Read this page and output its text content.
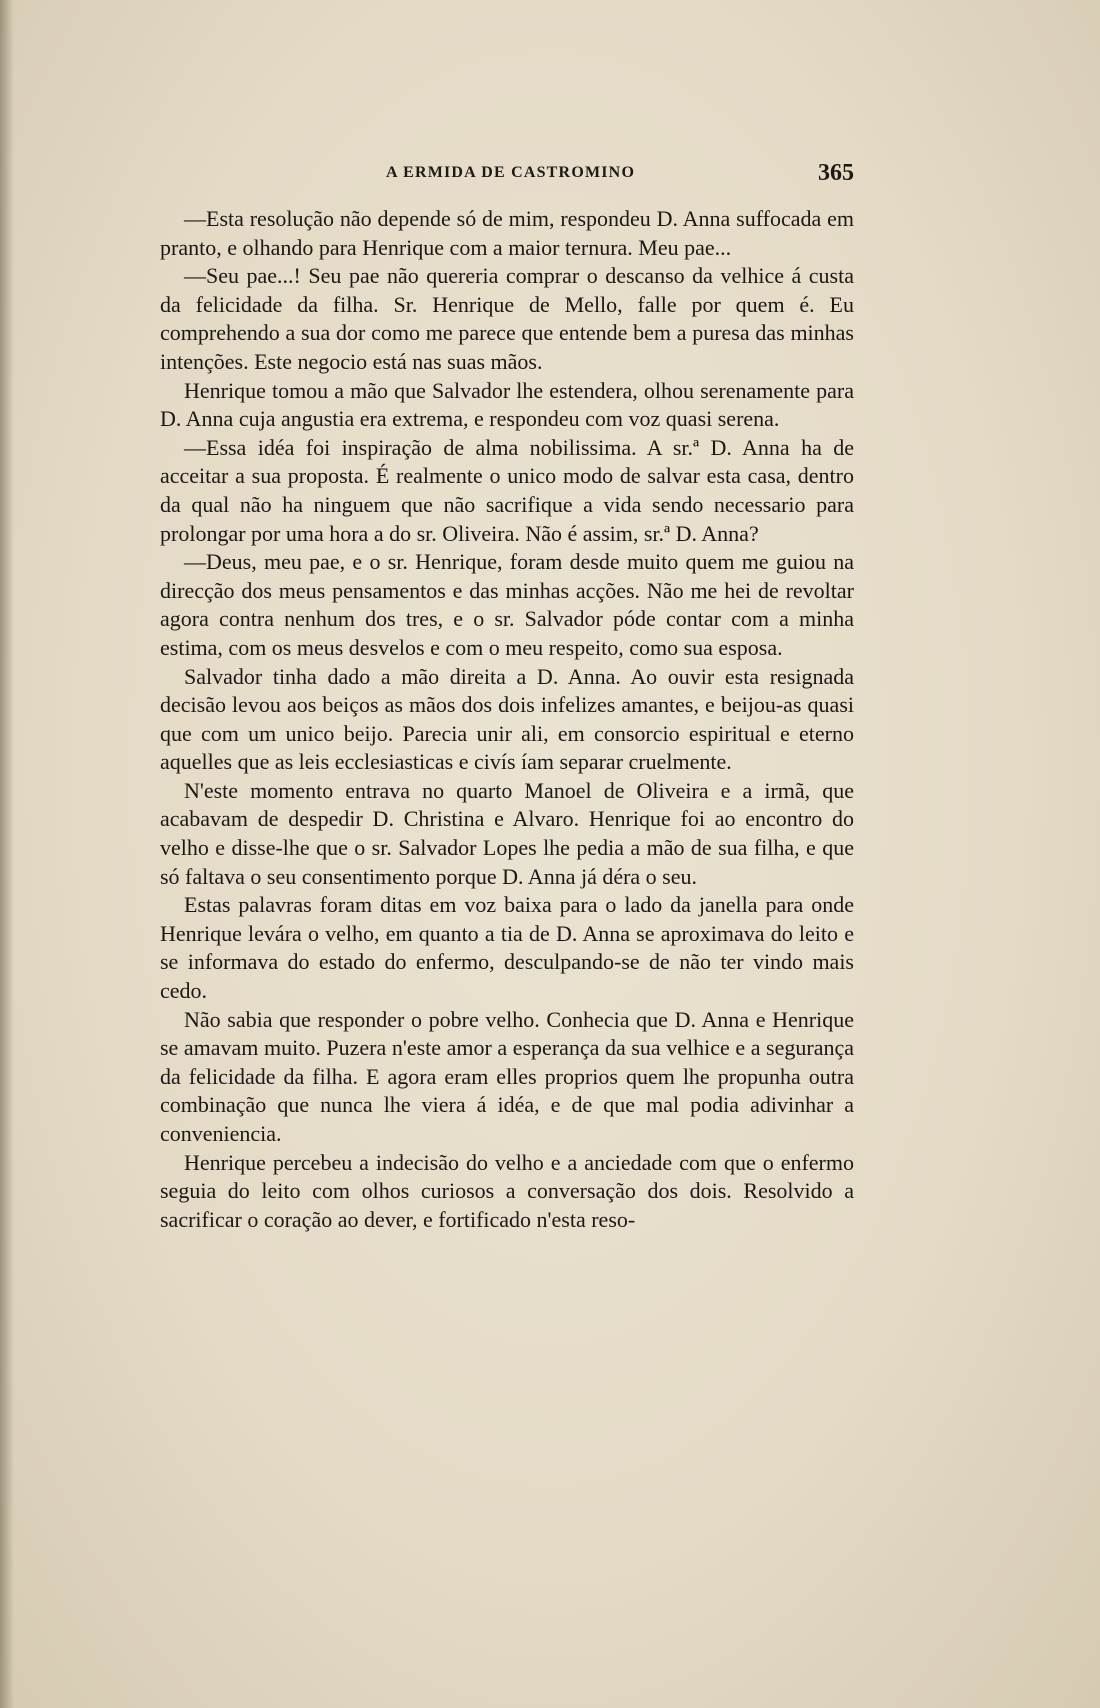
A ERMIDA DE CASTROMINO	365

—Esta resolução não depende só de mim, respondeu D. Anna suffocada em pranto, e olhando para Henrique com a maior ternura. Meu pae...

—Seu pae...! Seu pae não quereria comprar o descanso da velhice á custa da felicidade da filha. Sr. Henrique de Mello, falle por quem é. Eu comprehendo a sua dor como me parece que entende bem a puresa das minhas intenções. Este negocio está nas suas mãos.

Henrique tomou a mão que Salvador lhe estendera, olhou serenamente para D. Anna cuja angustia era extrema, e respondeu com voz quasi serena.

—Essa idéa foi inspiração de alma nobilissima. A sr.ª D. Anna ha de acceitar a sua proposta. É realmente o unico modo de salvar esta casa, dentro da qual não ha ninguem que não sacrifique a vida sendo necessario para prolongar por uma hora a do sr. Oliveira. Não é assim, sr.ª D. Anna?

—Deus, meu pae, e o sr. Henrique, foram desde muito quem me guiou na direcção dos meus pensamentos e das minhas acções. Não me hei de revoltar agora contra nenhum dos tres, e o sr. Salvador póde contar com a minha estima, com os meus desvelos e com o meu respeito, como sua esposa.

Salvador tinha dado a mão direita a D. Anna. Ao ouvir esta resignada decisão levou aos beiços as mãos dos dois infelizes amantes, e beijou-as quasi que com um unico beijo. Parecia unir ali, em consorcio espiritual e eterno aquelles que as leis ecclesiasticas e civís íam separar cruelmente.

N'este momento entrava no quarto Manoel de Oliveira e a irmã, que acabavam de despedir D. Christina e Alvaro. Henrique foi ao encontro do velho e disse-lhe que o sr. Salvador Lopes lhe pedia a mão de sua filha, e que só faltava o seu consentimento porque D. Anna já déra o seu.

Estas palavras foram ditas em voz baixa para o lado da janella para onde Henrique levára o velho, em quanto a tia de D. Anna se aproximava do leito e se informava do estado do enfermo, desculpando-se de não ter vindo mais cedo.

Não sabia que responder o pobre velho. Conhecia que D. Anna e Henrique se amavam muito. Puzera n'este amor a esperança da sua velhice e a segurança da felicidade da filha. E agora eram elles proprios quem lhe propunha outra combinação que nunca lhe viera á idéa, e de que mal podia adivinhar a conveniencia.

Henrique percebeu a indecisão do velho e a anciedade com que o enfermo seguia do leito com olhos curiosos a conversação dos dois. Resolvido a sacrificar o coração ao dever, e fortificado n'esta reso-
